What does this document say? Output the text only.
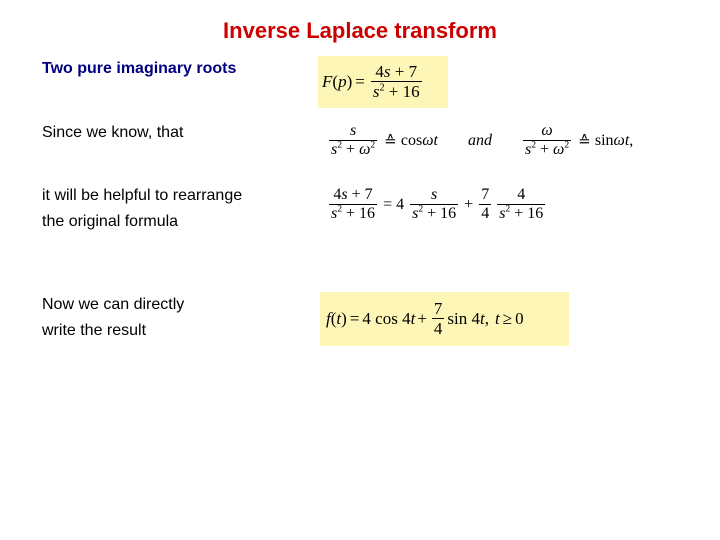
Inverse Laplace transform
Two pure imaginary roots
Since we know, that
it will be helpful to rearrange
the original formula
Now we can directly
write the result
F ( p ) = $\frac{4s + 7}{s^2 + 16}$
$\frac{s}{s^2 + \omega^2}$ ≙ cos ωt and $\frac{\omega}{s^2 + \omega^2}$ ≙ sin ωt ,
$\frac{4s + 7}{s^2 + 16} = 4 \frac{s}{s^2 + 16} + \frac{7}{4} \frac{4}{s^2 + 16}$
f ( t ) = 4 cos 4 $t + \frac{7}{4}$ sin 4 t , t ≥ 0
